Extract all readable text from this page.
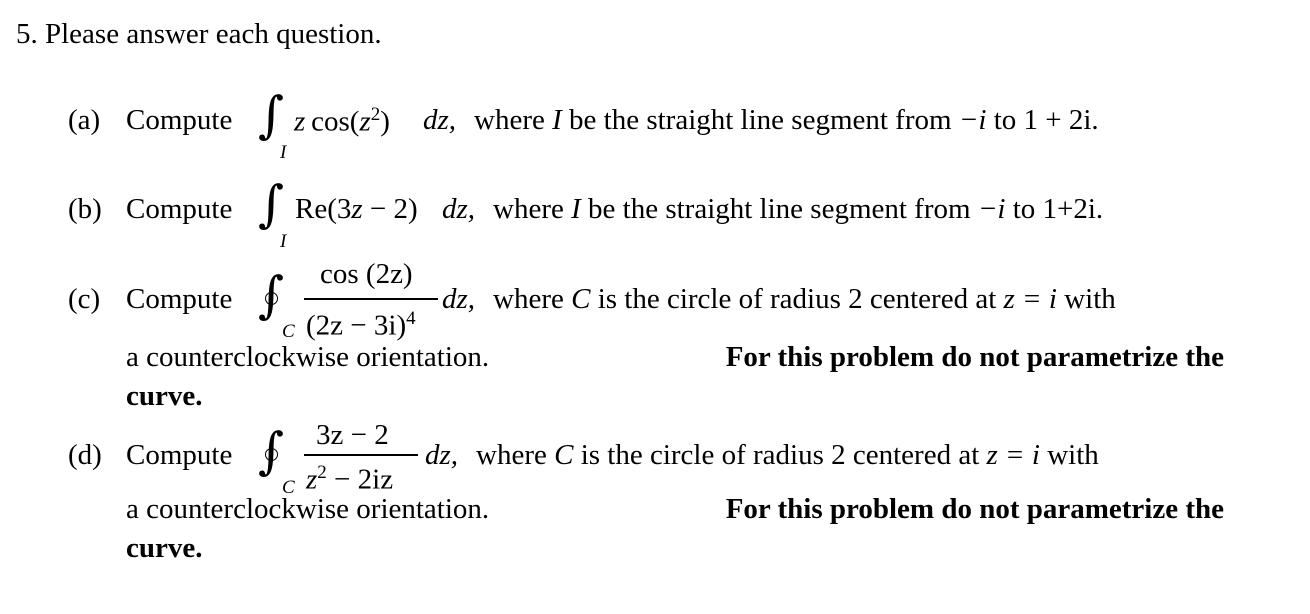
5. Please answer each question.
(a) Compute ∫
I
z  $\cos(z^2)$ dz, where I be the straight line segment from −i to 1 + 2i.
(b) Compute ∫
I
Re(3z − 2) dz, where I be the straight line segment from −i to 1+2i.
(c) Compute ∫
C
cos (2z)
$(2z - 3i)^4$
dz, where C is the circle of radius 2 centered at z = i with
a counterclockwise orientation.	For this problem do not parametrize the
curve.
(d) Compute ∫
C
3z − 2
$z^2 - 2iz$
dz, where C is the circle of radius 2 centered at z = i with
a counterclockwise orientation.	For this problem do not parametrize the
curve.
